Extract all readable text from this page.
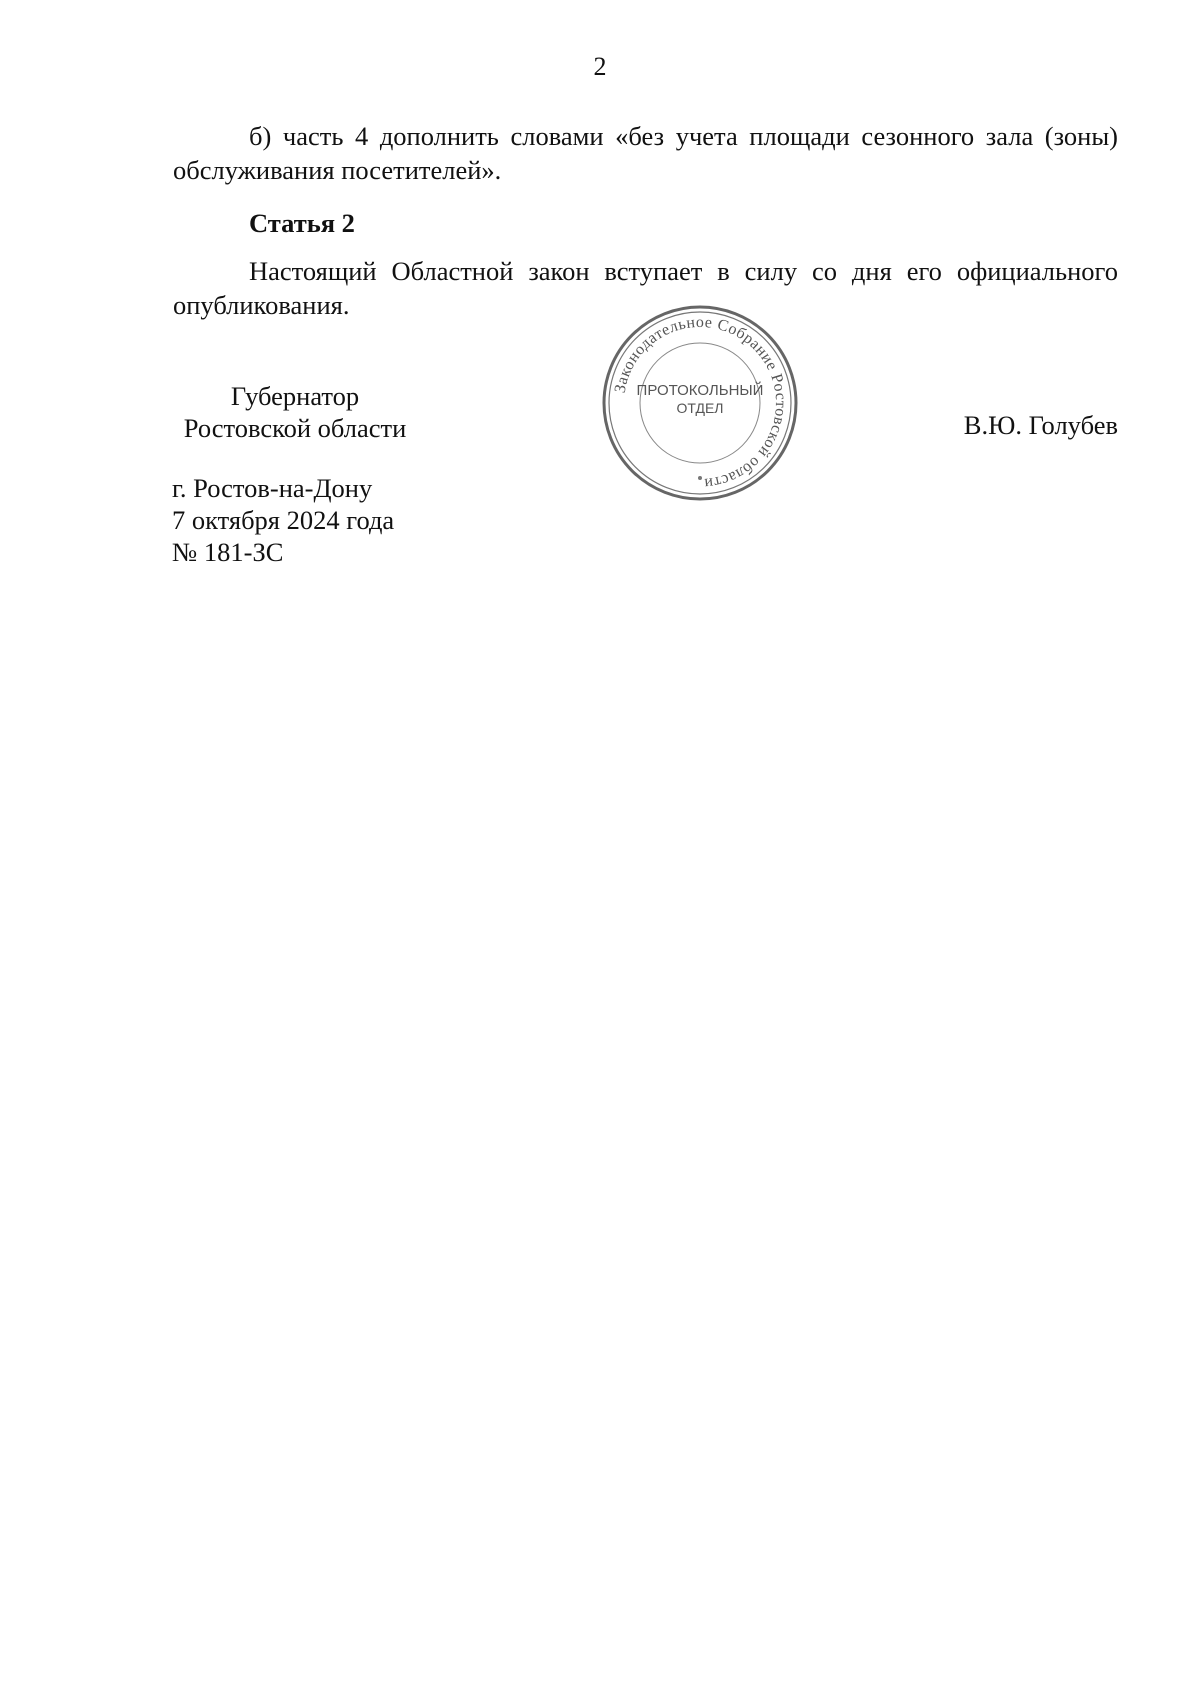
2
б) часть 4 дополнить словами «без учета площади сезонного зала (зоны) обслуживания посетителей».
Статья 2
Настоящий Областной закон вступает в силу со дня его официального опубликования.
Губернатор
Ростовской области
Законодательное Собрание Ростовской области
ПРОТОКОЛЬНЫЙ
ОТДЕЛ
В.Ю. Голубев
г. Ростов-на-Дону
7 октября 2024 года
№ 181-ЗС
